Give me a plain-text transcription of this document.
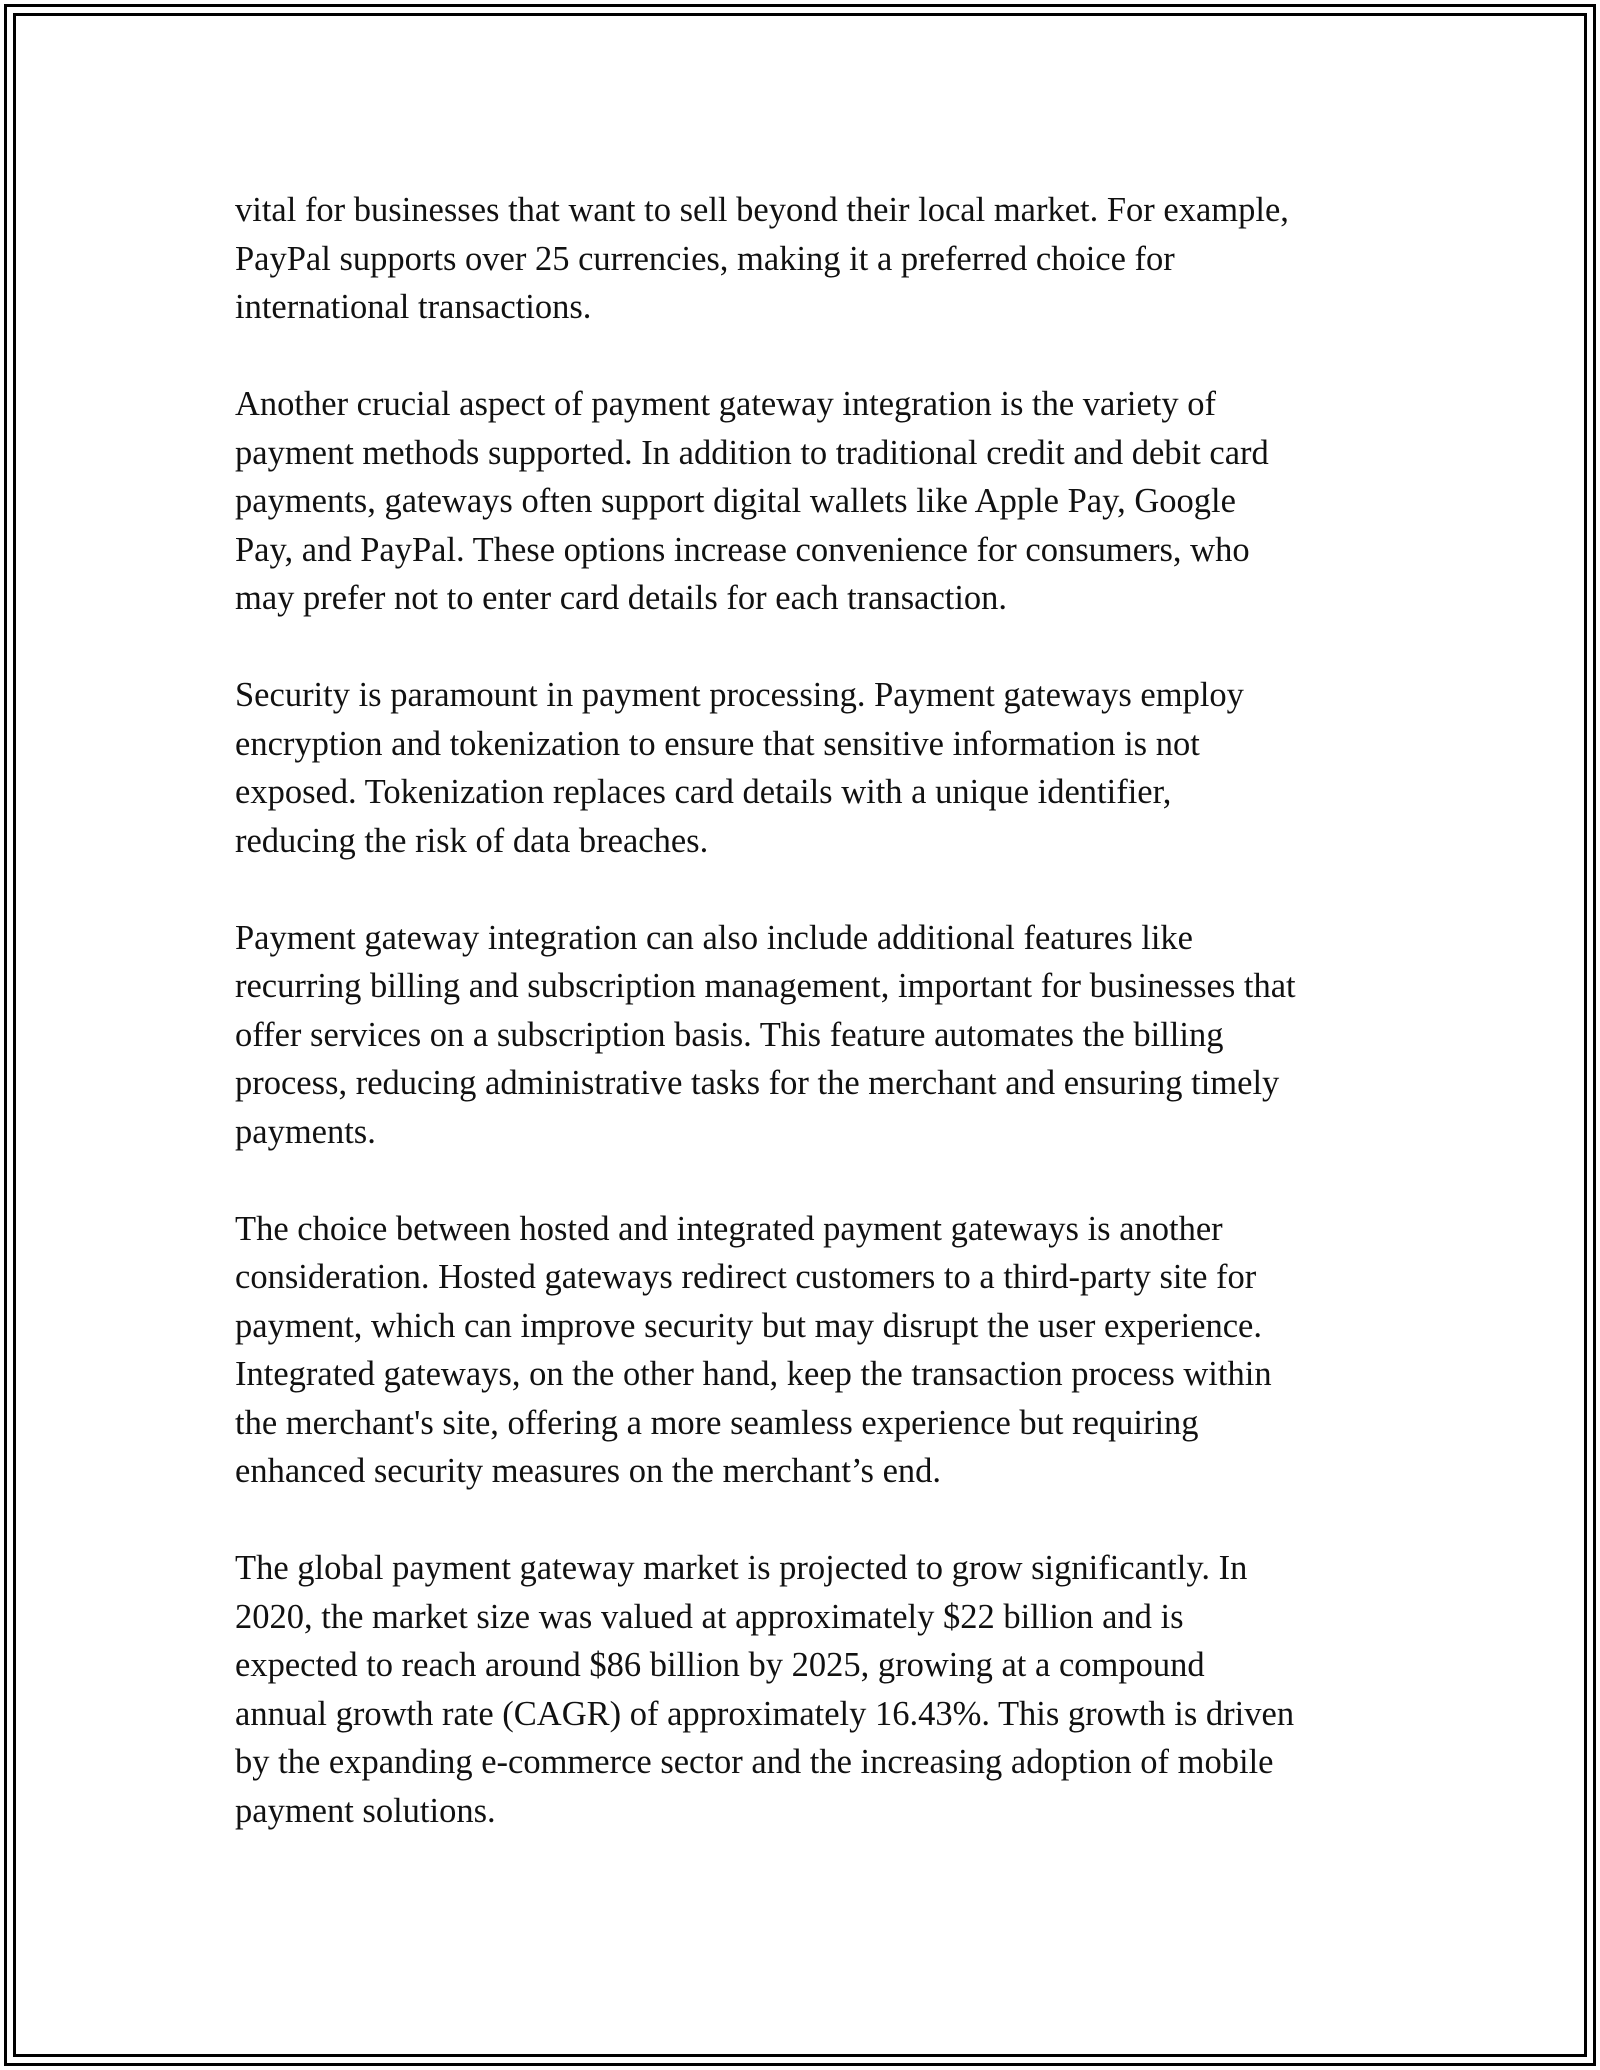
vital for businesses that want to sell beyond their local market. For example,
PayPal supports over 25 currencies, making it a preferred choice for
international transactions.

Another crucial aspect of payment gateway integration is the variety of
payment methods supported. In addition to traditional credit and debit card
payments, gateways often support digital wallets like Apple Pay, Google
Pay, and PayPal. These options increase convenience for consumers, who
may prefer not to enter card details for each transaction.

Security is paramount in payment processing. Payment gateways employ
encryption and tokenization to ensure that sensitive information is not
exposed. Tokenization replaces card details with a unique identifier,
reducing the risk of data breaches.

Payment gateway integration can also include additional features like
recurring billing and subscription management, important for businesses that
offer services on a subscription basis. This feature automates the billing
process, reducing administrative tasks for the merchant and ensuring timely
payments.

The choice between hosted and integrated payment gateways is another
consideration. Hosted gateways redirect customers to a third-party site for
payment, which can improve security but may disrupt the user experience.
Integrated gateways, on the other hand, keep the transaction process within
the merchant's site, offering a more seamless experience but requiring
enhanced security measures on the merchant’s end.

The global payment gateway market is projected to grow significantly. In
2020, the market size was valued at approximately $22 billion and is
expected to reach around $86 billion by 2025, growing at a compound
annual growth rate (CAGR) of approximately 16.43%. This growth is driven
by the expanding e-commerce sector and the increasing adoption of mobile
payment solutions.
